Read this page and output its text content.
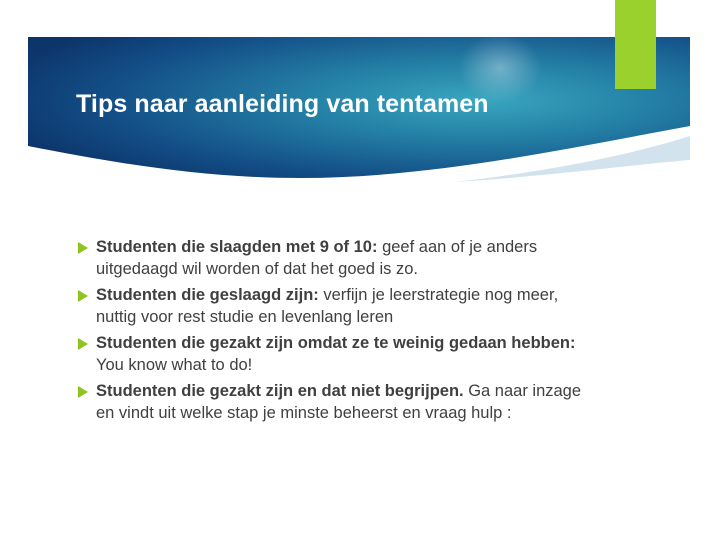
Tips naar aanleiding van tentamen
Studenten die slaagden met 9 of 10: geef aan of je anders uitgedaagd wil worden of dat het goed is zo.
Studenten die geslaagd zijn: verfijn je leerstrategie nog meer, nuttig voor rest studie en levenlang leren
Studenten die gezakt zijn omdat ze te weinig gedaan hebben: You know what to do!
Studenten die gezakt zijn en dat niet begrijpen. Ga naar inzage en vindt uit welke stap je minste beheerst en vraag hulp :
